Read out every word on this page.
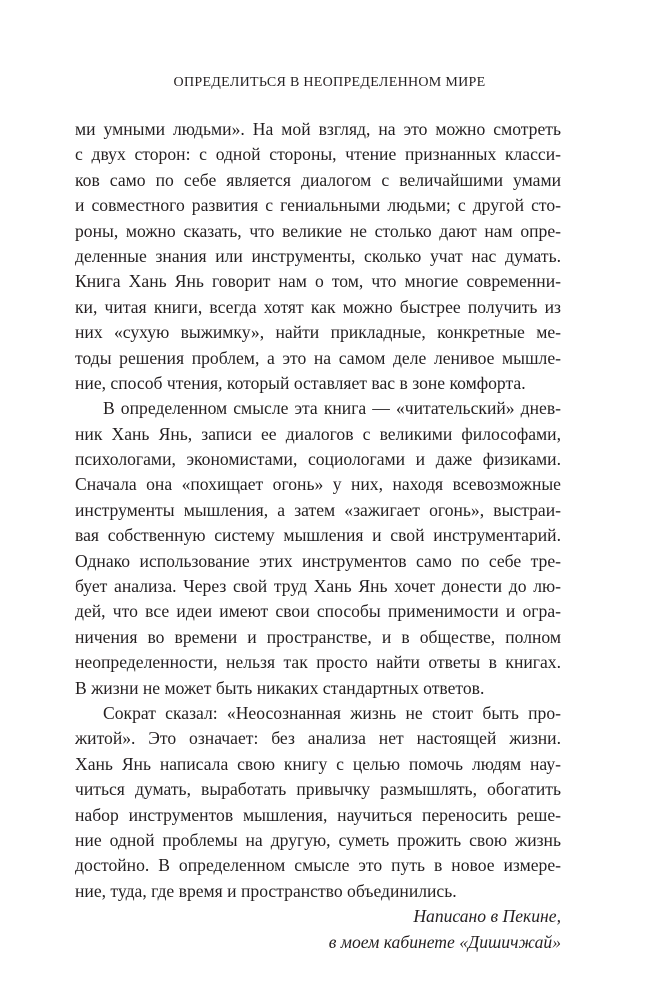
ОПРЕДЕЛИТЬСЯ В НЕОПРЕДЕЛЕННОМ МИРЕ
ми умными людьми». На мой взгляд, на это можно смотреть
с двух сторон: с одной стороны, чтение признанных класси-
ков само по себе является диалогом с величайшими умами
и совместного развития с гениальными людьми; с другой сто-
роны, можно сказать, что великие не столько дают нам опре-
деленные знания или инструменты, сколько учат нас думать.
Книга Хань Янь говорит нам о том, что многие современни-
ки, читая книги, всегда хотят как можно быстрее получить из
них «сухую выжимку», найти прикладные, конкретные ме-
тоды решения проблем, а это на самом деле ленивое мышле-
ние, способ чтения, который оставляет вас в зоне комфорта.
В определенном смысле эта книга — «читательский» днев-
ник Хань Янь, записи ее диалогов с великими философами,
психологами, экономистами, социологами и даже физиками.
Сначала она «похищает огонь» у них, находя всевозможные
инструменты мышления, а затем «зажигает огонь», выстраи-
вая собственную систему мышления и свой инструментарий.
Однако использование этих инструментов само по себе тре-
бует анализа. Через свой труд Хань Янь хочет донести до лю-
дей, что все идеи имеют свои способы применимости и огра-
ничения во времени и пространстве, и в обществе, полном
неопределенности, нельзя так просто найти ответы в книгах.
В жизни не может быть никаких стандартных ответов.
Сократ сказал: «Неосознанная жизнь не стоит быть про-
житой». Это означает: без анализа нет настоящей жизни.
Хань Янь написала свою книгу с целью помочь людям нау-
читься думать, выработать привычку размышлять, обогатить
набор инструментов мышления, научиться переносить реше-
ние одной проблемы на другую, суметь прожить свою жизнь
достойно. В определенном смысле это путь в новое измере-
ние, туда, где время и пространство объединились.
Написано в Пекине,
в моем кабинете «Дишичжай»
